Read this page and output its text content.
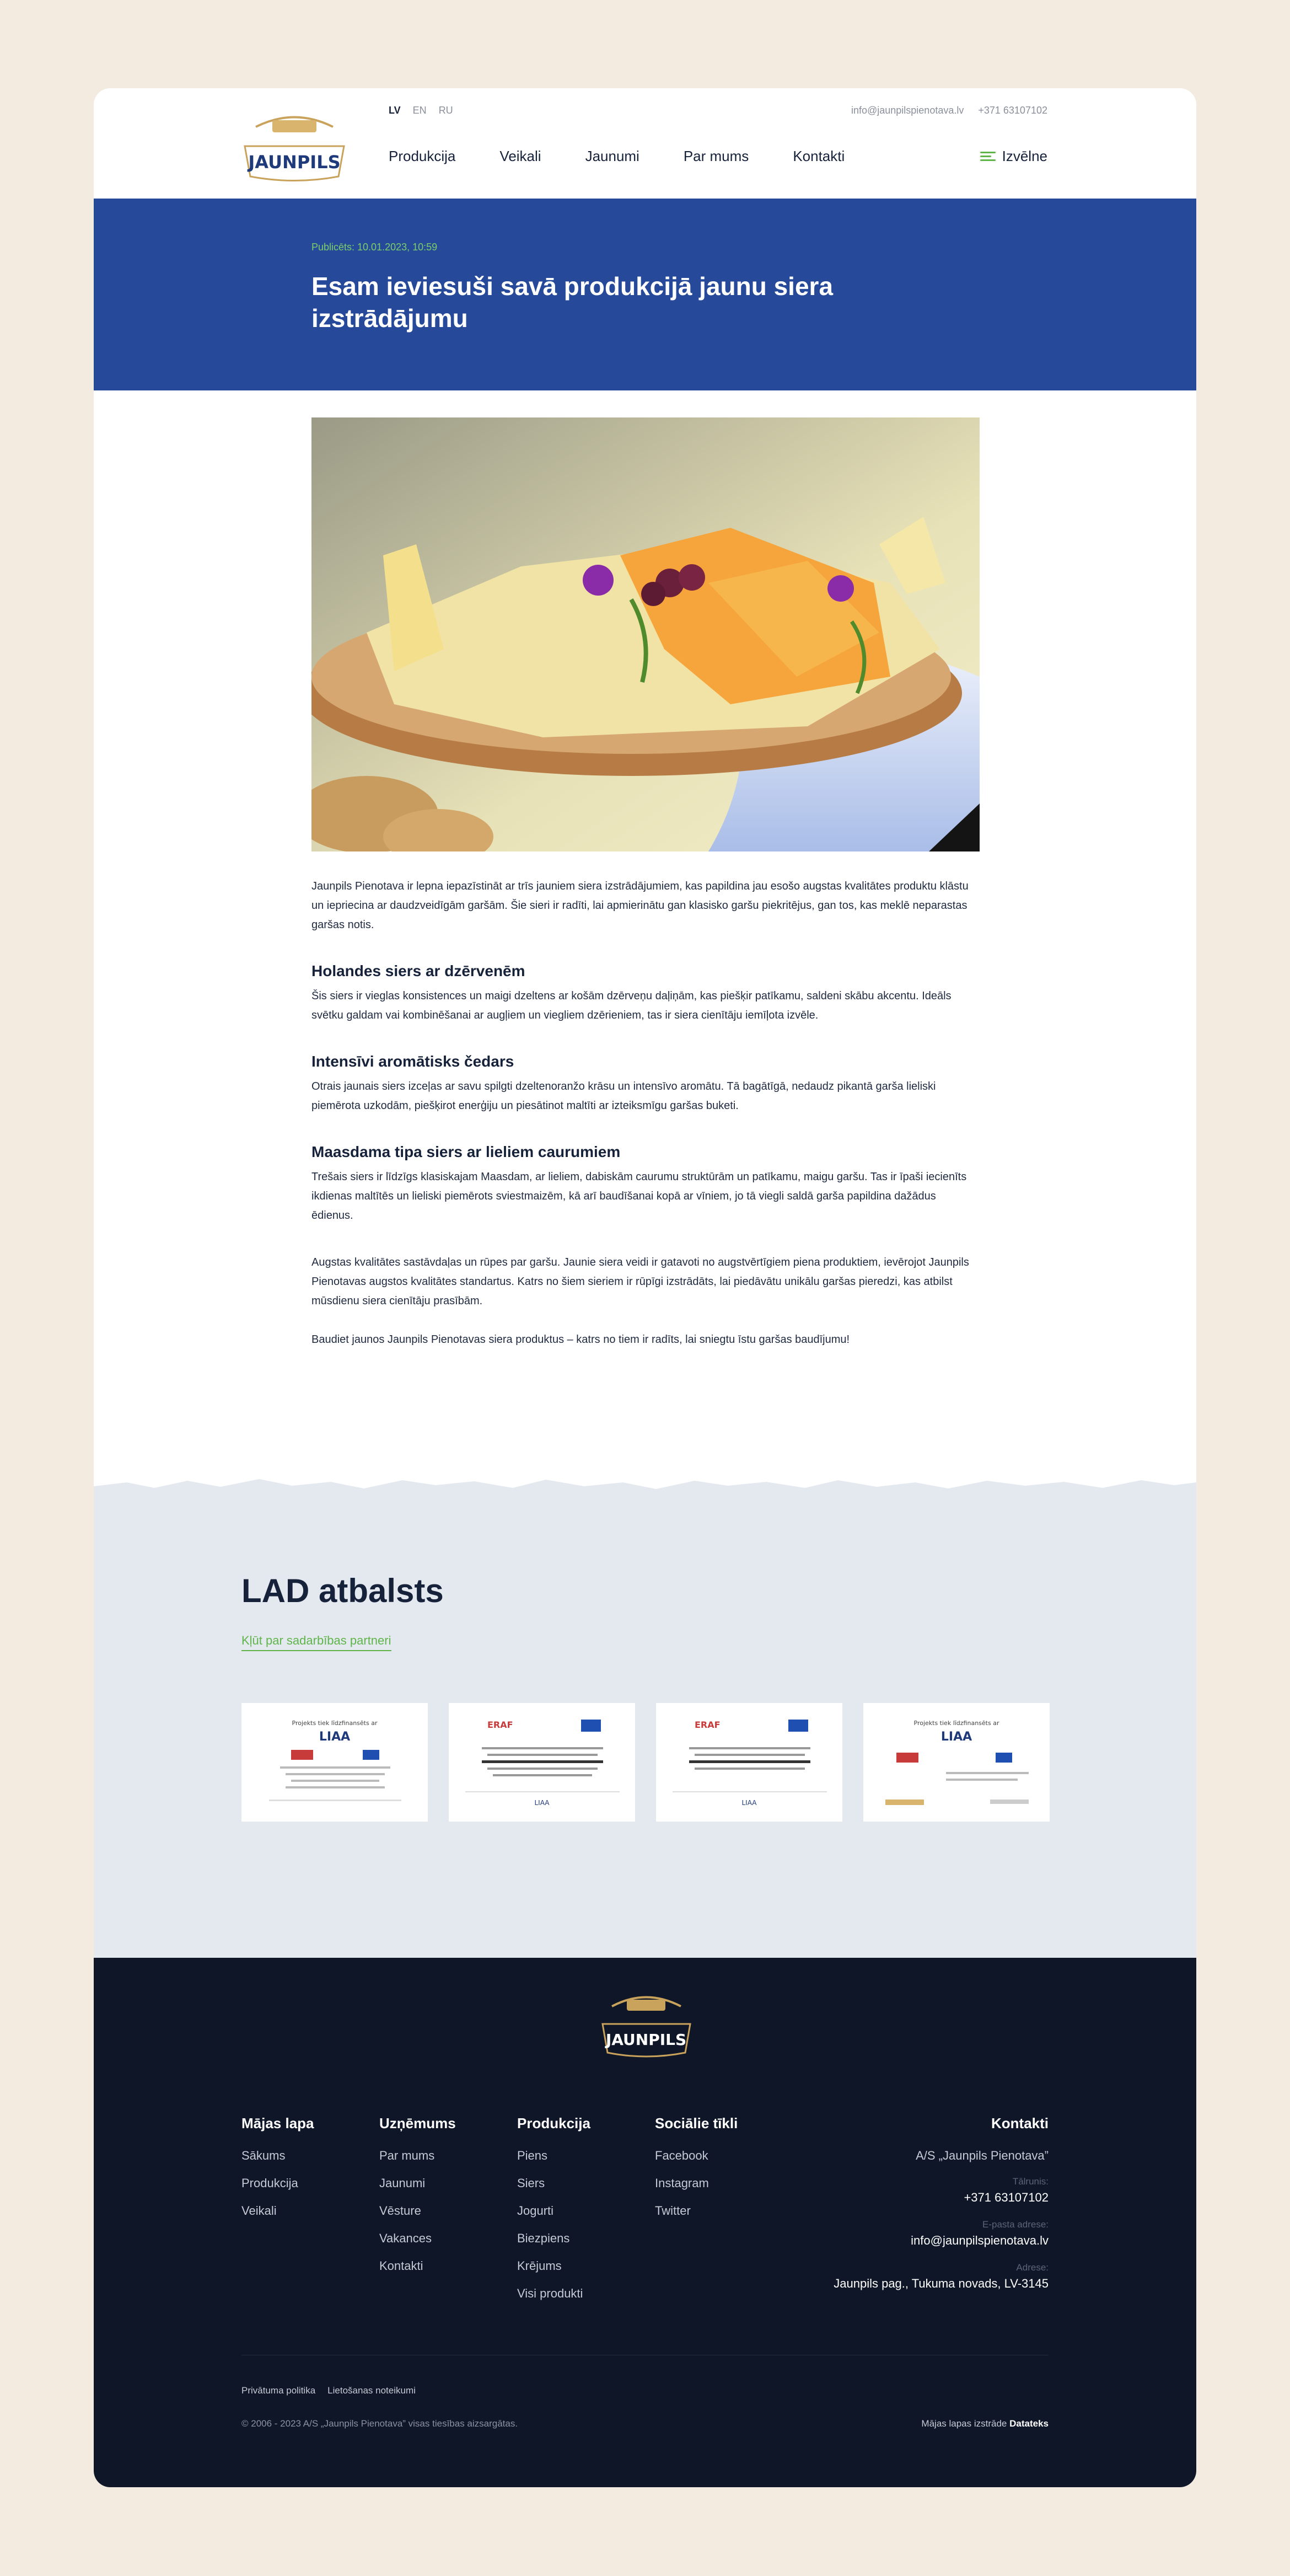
JAUNPILS
LV EN RU	info@jaunpilspienotava.lv +371 63107102
Produkcija	Veikali	Jaunumi	Par mums	Kontakti	Izvēlne
Publicēts: 10.01.2023, 10:59
Esam ieviesuši savā produkcijā jaunu siera izstrādājumu

Jaunpils Pienotava ir lepna iepazīstināt ar trīs jauniem siera izstrādājumiem, kas papildina jau esošo augstas kvalitātes produktu klāstu un iepriecina ar daudzveidīgām garšām. Šie sieri ir radīti, lai apmierinātu gan klasisko garšu piekritējus, gan tos, kas meklē neparastas garšas notis.

Holandes siers ar dzērvenēm

Šis siers ir vieglas konsistences un maigi dzeltens ar košām dzērveņu daļiņām, kas piešķir patīkamu, saldeni skābu akcentu. Ideāls svētku galdam vai kombinēšanai ar augļiem un viegliem dzērieniem, tas ir siera cienītāju iemīļota izvēle.

Intensīvi aromātisks čedars

Otrais jaunais siers izceļas ar savu spilgti dzeltenoranžo krāsu un intensīvo aromātu. Tā bagātīgā, nedaudz pikantā garša lieliski piemērota uzkodām, piešķirot enerģiju un piesātinot maltīti ar izteiksmīgu garšas buketi.

Maasdama tipa siers ar lieliem caurumiem

Trešais siers ir līdzīgs klasiskajam Maasdam, ar lieliem, dabiskām caurumu struktūrām un patīkamu, maigu garšu. Tas ir īpaši iecienīts ikdienas maltītēs un lieliski piemērots sviestmaizēm, kā arī baudīšanai kopā ar vīniem, jo tā viegli saldā garša papildina dažādus ēdienus.

Augstas kvalitātes sastāvdaļas un rūpes par garšu. Jaunie siera veidi ir gatavoti no augstvērtīgiem piena produktiem, ievērojot Jaunpils Pienotavas augstos kvalitātes standartus. Katrs no šiem sieriem ir rūpīgi izstrādāts, lai piedāvātu unikālu garšas pieredzi, kas atbilst mūsdienu siera cienītāju prasībām.

Baudiet jaunos Jaunpils Pienotavas siera produktus – katrs no tiem ir radīts, lai sniegtu īstu garšas baudījumu!

LAD atbalsts
Kļūt par sadarbības partneri
Projekts tiek līdzfinansēts ar
LIAA
ERAF
LIAA
ERAF
LIAA
Projekts tiek līdzfinansēts ar
LIAA
JAUNPILS
Mājas lapa
Sākums
Produkcija
Veikali
Uzņēmums
Par mums
Jaunumi
Vēsture
Vakances
Kontakti
Produkcija
Piens
Siers
Jogurti
Biezpiens
Krējums
Visi produkti
Sociālie tīkli
Facebook
Instagram
Twitter
Kontakti
A/S „Jaunpils Pienotava”
Tālrunis:
+371 63107102
E-pasta adrese:
info@jaunpilspienotava.lv
Adrese:
Jaunpils pag., Tukuma novads, LV-3145
Privātuma politika Lietošanas noteikumi
© 2006 - 2023 A/S „Jaunpils Pienotava” visas tiesības aizsargātas.	Mājas lapas izstrāde Datateks
